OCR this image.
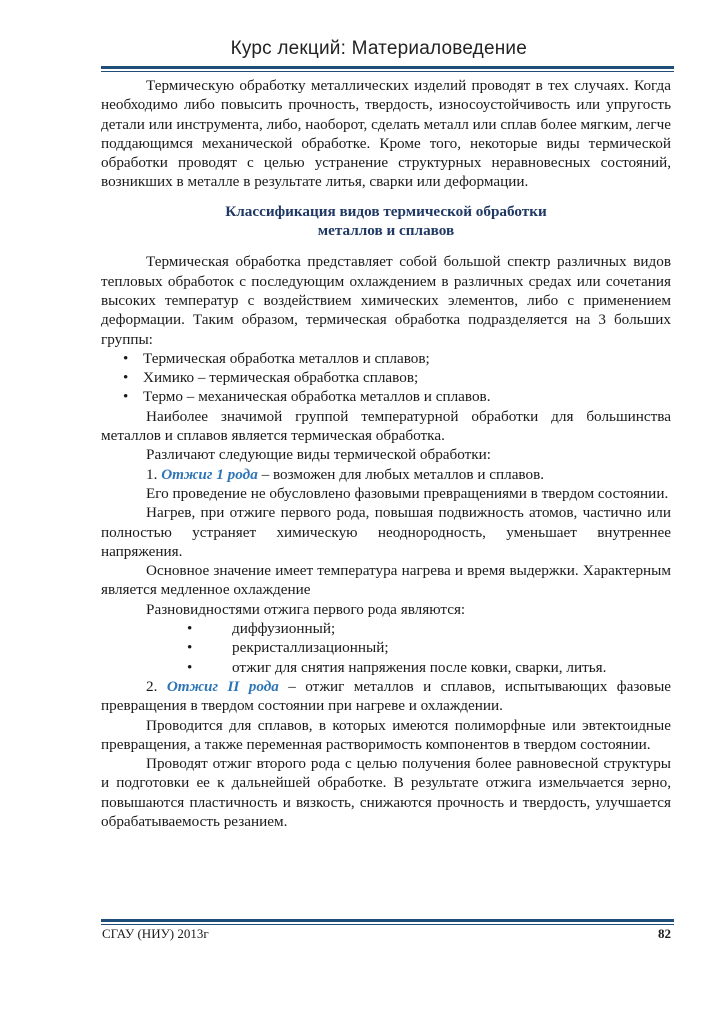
Курс лекций: Материаловедение

Термическую обработку металлических изделий проводят в тех случаях. Когда необходимо либо повысить прочность, твердость, износоустойчивость или упругость детали или инструмента, либо, наоборот, сделать металл или сплав более мягким, легче поддающимся механической обработке. Кроме того, некоторые виды термической обработки проводят с целью устранение структурных неравновесных состояний, возникших в металле в результате литья, сварки или деформации.

Классификация видов термической обработки
металлов и сплавов

Термическая обработка представляет собой большой спектр различных видов тепловых обработок с последующим охлаждением в различных средах или сочетания высоких температур с воздействием химических элементов, либо с применением деформации. Таким образом, термическая обработка подразделяется на 3 больших группы:

• Термическая обработка металлов и сплавов;
• Химико – термическая обработка сплавов;
• Термо – механическая обработка металлов и сплавов.

Наиболее значимой группой температурной обработки для большинства металлов и сплавов является термическая обработка.

Различают следующие виды термической обработки:

1. Отжиг 1 рода – возможен для любых металлов и сплавов.

Его проведение не обусловлено фазовыми превращениями в твердом состоянии.

Нагрев, при отжиге первого рода, повышая подвижность атомов, частично или полностью устраняет химическую неоднородность, уменьшает внутреннее напряжения.

Основное значение имеет температура нагрева и время выдержки. Характерным является медленное охлаждение

Разновидностями отжига первого рода являются:

• диффузионный;
• рекристаллизационный;
• отжиг для снятия напряжения после ковки, сварки, литья.

2. Отжиг II рода – отжиг металлов и сплавов, испытывающих фазовые превращения в твердом состоянии при нагреве и охлаждении.

Проводится для сплавов, в которых имеются полиморфные или эвтектоидные превращения, а также переменная растворимость компонентов в твердом состоянии.

Проводят отжиг второго рода с целью получения более равновесной структуры и подготовки ее к дальнейшей обработке. В результате отжига измельчается зерно, повышаются пластичность и вязкость, снижаются прочность и твердость, улучшается обрабатываемость резанием.

СГАУ (НИУ) 2013г	82
